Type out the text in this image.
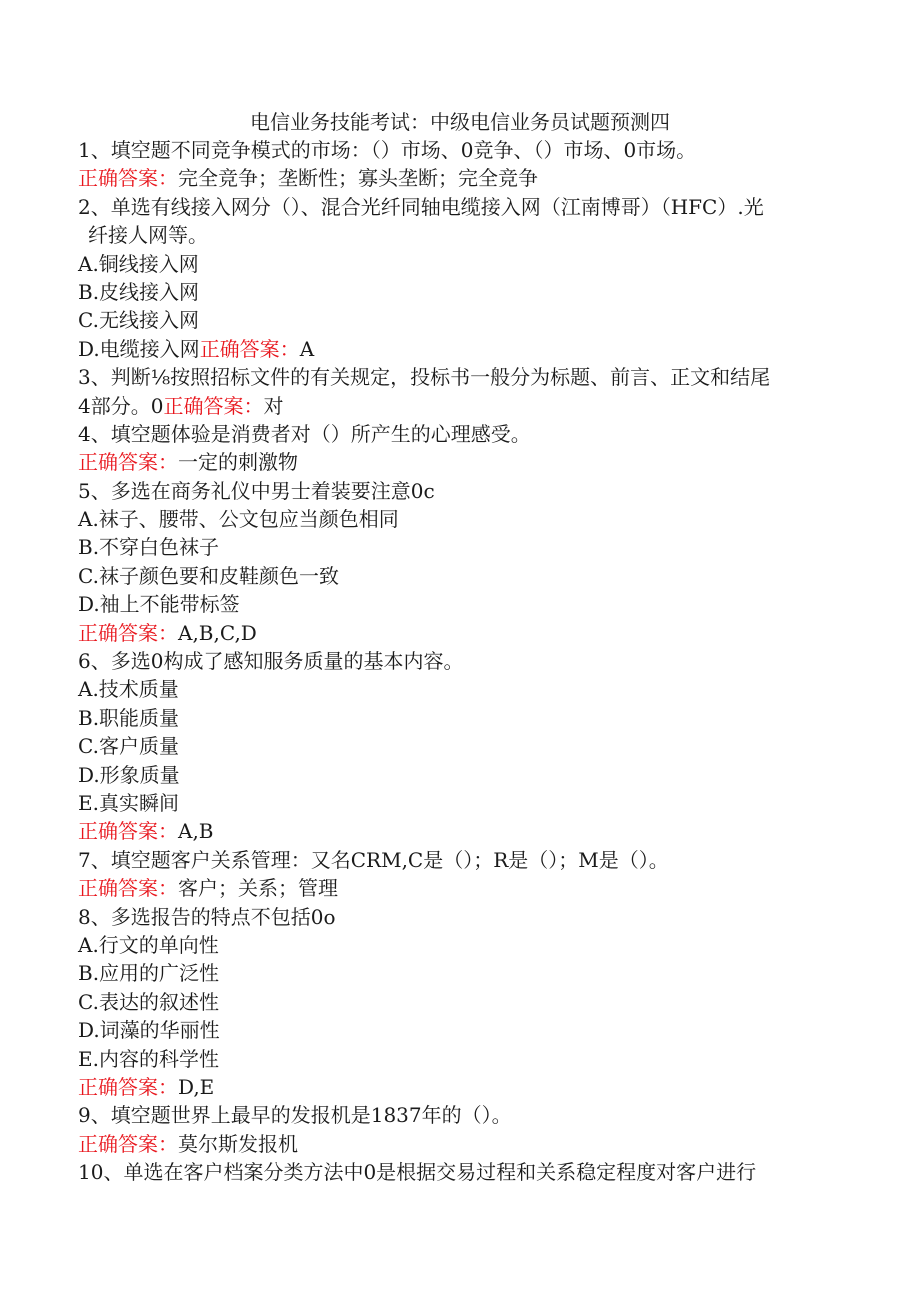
电信业务技能考试：中级电信业务员试题预测四
1、填空题不同竞争模式的市场：（）市场、0竞争、（）市场、0市场。
正确答案：完全竞争；垄断性；寡头垄断；完全竞争
2、单选有线接入网分（）、混合光纤同轴电缆接入网（江南博哥）（HFC）.光
纤接人网等。
A.铜线接入网
B.皮线接入网
C.无线接入网
D.电缆接入网正确答案：A
3、判断⅛按照招标文件的有关规定，投标书一般分为标题、前言、正文和结尾
4部分。0正确答案：对
4、填空题体验是消费者对（）所产生的心理感受。
正确答案：一定的刺激物
5、多选在商务礼仪中男士着装要注意0c
A.袜子、腰带、公文包应当颜色相同
B.不穿白色袜子
C.袜子颜色要和皮鞋颜色一致
D.袖上不能带标签
正确答案：A,B,C,D
6、多选0构成了感知服务质量的基本内容。
A.技术质量
B.职能质量
C.客户质量
D.形象质量
E.真实瞬间
正确答案：A,B
7、填空题客户关系管理：又名CRM,C是（）；R是（）；M是（）。
正确答案：客户；关系；管理
8、多选报告的特点不包括0o
A.行文的单向性
B.应用的广泛性
C.表达的叙述性
D.词藻的华丽性
E.内容的科学性
正确答案：D,E
9、填空题世界上最早的发报机是1837年的（）。
正确答案：莫尔斯发报机
10、单选在客户档案分类方法中0是根据交易过程和关系稳定程度对客户进行
